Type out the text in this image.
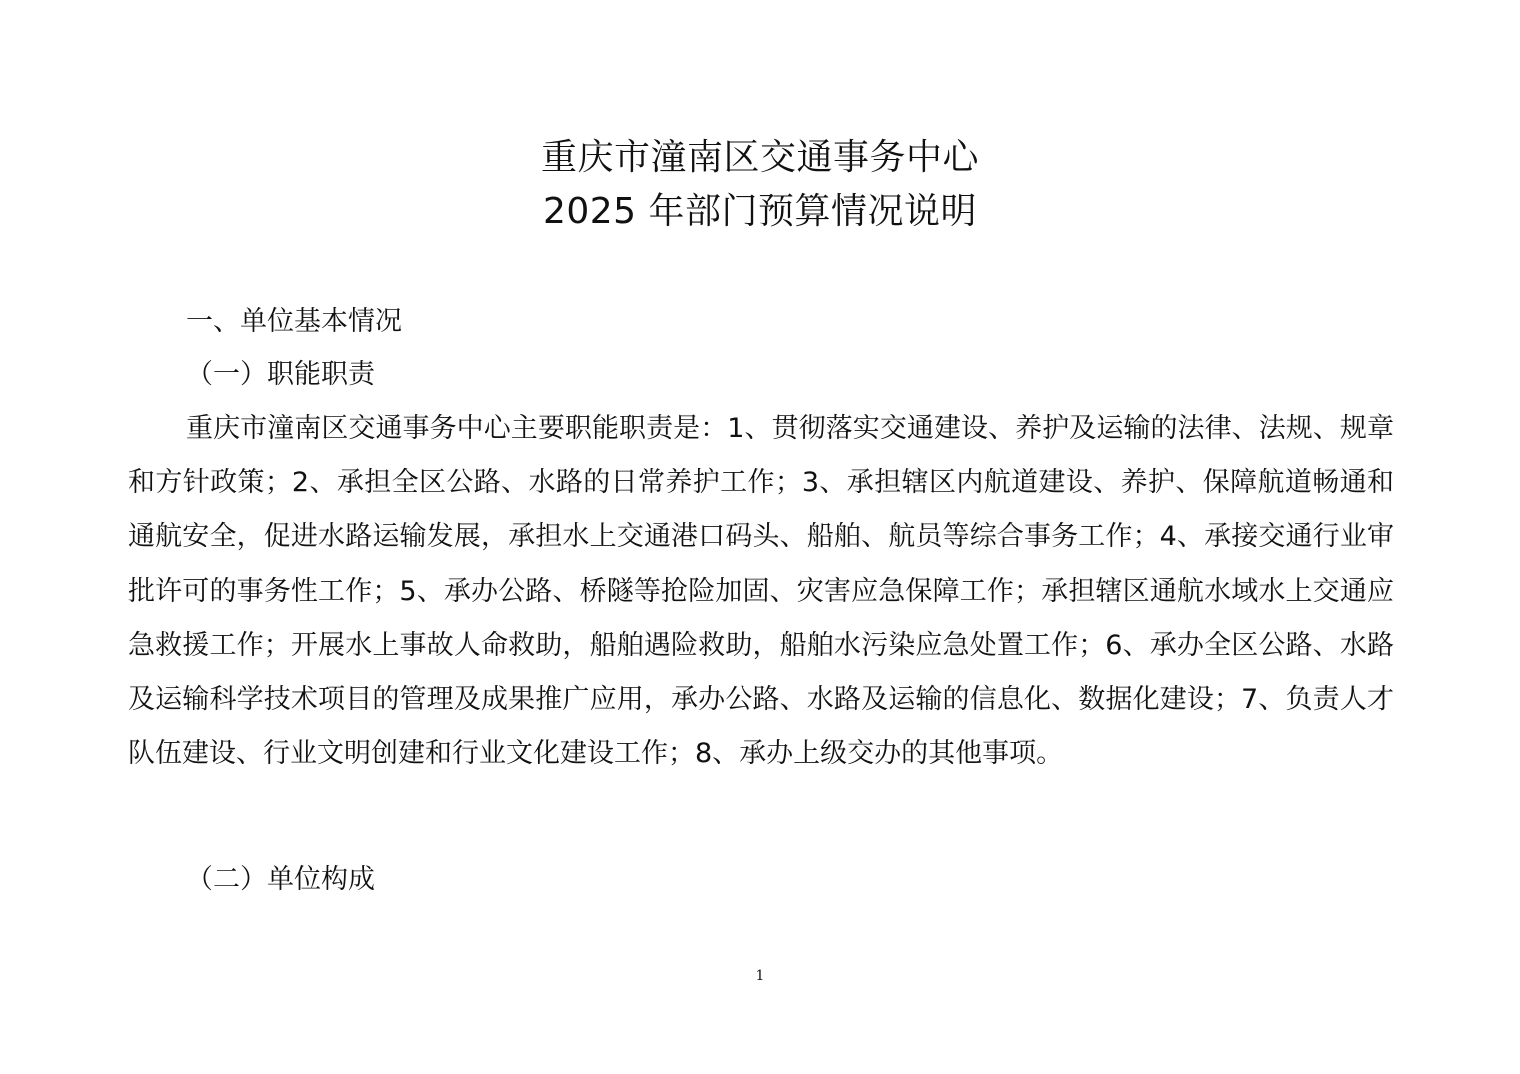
重庆市潼南区交通事务中心
2025 年部门预算情况说明
一、单位基本情况
（一）职能职责

重庆市潼南区交通事务中心主要职能职责是：1、贯彻落实交通建设、养护及运输的法律、法规、规章和方针政策；2、承担全区公路、水路的日常养护工作；3、承担辖区内航道建设、养护、保障航道畅通和通航安全，促进水路运输发展，承担水上交通港口码头、船舶、航员等综合事务工作；4、承接交通行业审批许可的事务性工作；5、承办公路、桥隧等抢险加固、灾害应急保障工作；承担辖区通航水域水上交通应急救援工作；开展水上事故人命救助，船舶遇险救助，船舶水污染应急处置工作；6、承办全区公路、水路及运输科学技术项目的管理及成果推广应用，承办公路、水路及运输的信息化、数据化建设；7、负责人才队伍建设、行业文明创建和行业文化建设工作；8、承办上级交办的其他事项。

（二）单位构成
1
